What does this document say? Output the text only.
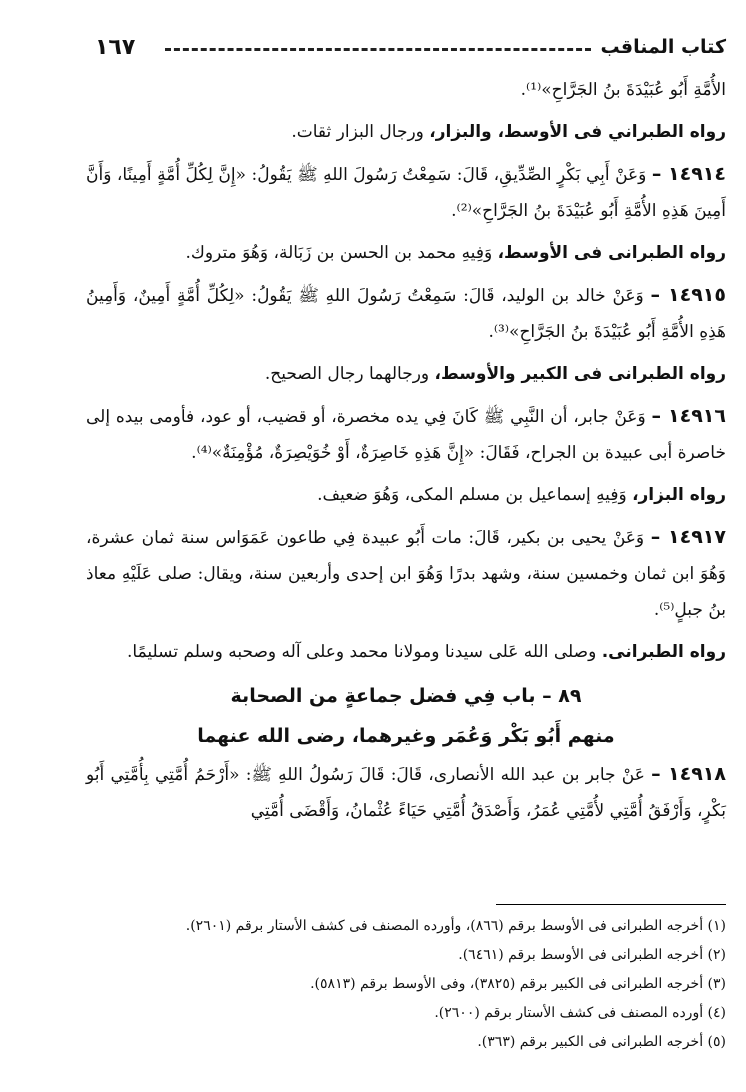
١٦٧	كتاب المناقب

الأُمَّةِ أَبُو عُبَيْدَةَ بنُ الجَرَّاحِ»⁽¹⁾.

رواه الطبراني فى الأوسط، والبزار، ورجال البزار ثقات.

١٤٩١٤ – وَعَنْ أَبِي بَكْرٍ الصِّدِّيقِ، قَالَ: سَمِعْتُ رَسُولَ اللهِ ﷺ يَقُولُ: «إِنَّ لِكُلِّ أُمَّةٍ أَمِينًا، وَأَنَّ أَمِينَ هَذِهِ الأُمَّةِ أَبُو عُبَيْدَةَ بنُ الجَرَّاحِ»⁽²⁾.

رواه الطبرانى فى الأوسط، وَفِيهِ محمد بن الحسن بن زَبَالة، وَهُوَ متروك.

١٤٩١٥ – وَعَنْ خالد بن الوليد، قَالَ: سَمِعْتُ رَسُولَ اللهِ ﷺ يَقُولُ: «لِكُلِّ أُمَّةٍ أَمِينٌ، وَأَمِينُ هَذِهِ الأُمَّةِ أَبُو عُبَيْدَةَ بنُ الجَرَّاحِ»⁽³⁾.

رواه الطبرانى فى الكبير والأوسط، ورجالهما رجال الصحيح.

١٤٩١٦ – وَعَنْ جابر، أن النَّبِي ﷺ كَانَ فِي يده مخصرة، أو قضيب، أو عود، فأومى بيده إلى خاصرة أبى عبيدة بن الجراح، فَقَالَ: «إِنَّ هَذِهِ خَاصِرَةٌ، أَوْ خُوَيْصِرَةٌ، مُؤْمِنَةٌ»⁽⁴⁾.

رواه البزار، وَفِيهِ إسماعيل بن مسلم المكى، وَهُوَ ضعيف.

١٤٩١٧ – وَعَنْ يحيى بن بكير، قَالَ: مات أَبُو عبيدة فِي طاعون عَمَوَاس سنة ثمان عشرة، وَهُوَ ابن ثمان وخمسين سنة، وشهد بدرًا وَهُوَ ابن إحدى وأربعين سنة، ويقال: صلى عَلَيْهِ معاذ بنُ جبلٍ⁽⁵⁾.

رواه الطبرانى. وصلى الله عَلى سيدنا ومولانا محمد وعلى آله وصحبه وسلم تسليمًا.

٨٩ – باب فِي فضل جماعةٍ من الصحابة
منهم أَبُو بَكْر وَعُمَر وغيرهما، رضى الله عنهما

١٤٩١٨ – عَنْ جابر بن عبد الله الأنصارى، قَالَ: قَالَ رَسُولُ اللهِ ﷺ: «أَرْحَمُ أُمَّتِي بِأُمَّتِي أَبُو بَكْرٍ، وَأَرْفَقُ أُمَّتِي لأُمَّتِي عُمَرُ، وَأَصْدَقُ أُمَّتِي حَيَاءً عُثْمانُ، وَأَقْضَى أُمَّتِي

(١) أخرجه الطبرانى فى الأوسط برقم (٨٦٦)، وأورده المصنف فى كشف الأستار برقم (٢٦٠١).
(٢) أخرجه الطبرانى فى الأوسط برقم (٦٤٦١).
(٣) أخرجه الطبرانى فى الكبير برقم (٣٨٢٥)، وفى الأوسط برقم (٥٨١٣).
(٤) أورده المصنف فى كشف الأستار برقم (٢٦٠٠).
(٥) أخرجه الطبرانى فى الكبير برقم (٣٦٣).
